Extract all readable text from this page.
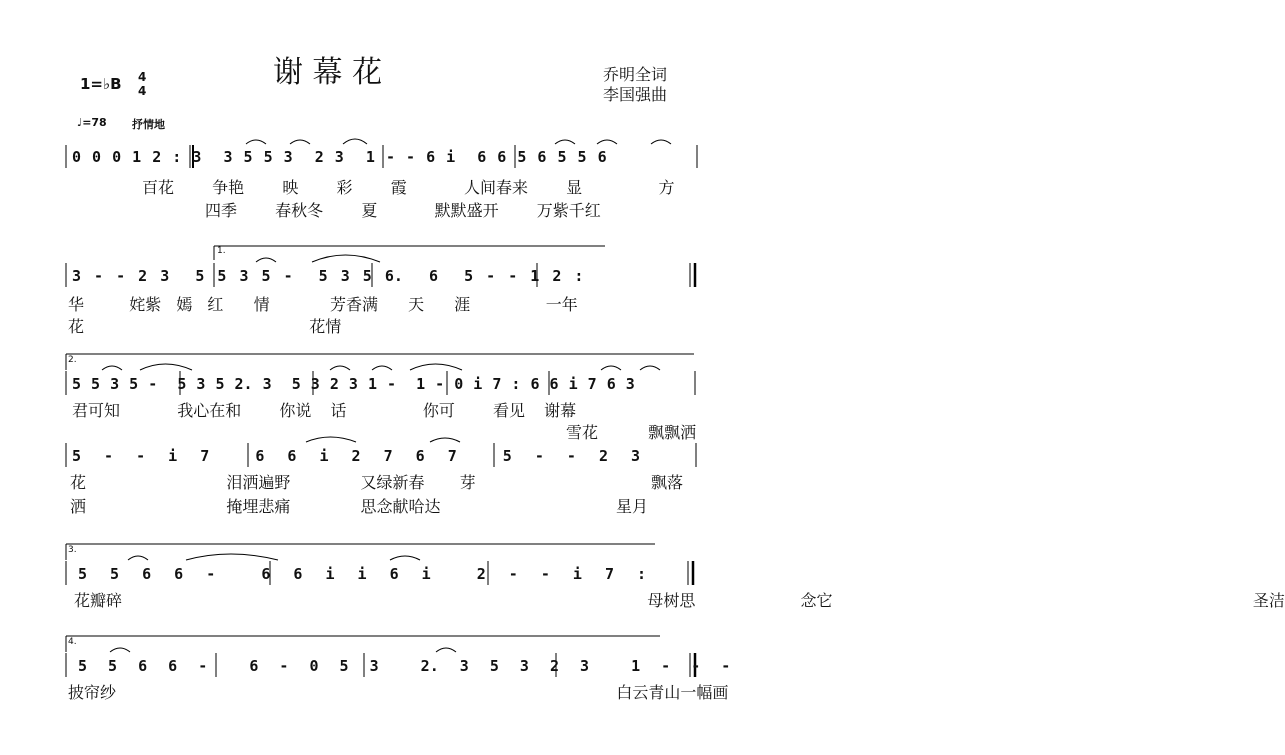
谢 幕 花	乔明全词
李国强曲
1=♭B 4
4
♩=78 抒情地
1.
2.
3.
4.
0 0 0 1 2 : 3  3 5 5 3  2 3  1 - - 6 i  6 6 5 6 5 5 6
百花  争艳  映  彩  霞   人间春来  显    方
四季  春秋冬  夏   默默盛开  万紫千红
3 - - 2 3  5 5 3 5 -  5 3 5 6.  6  5 - - 1 2 :
华   姹紫 嫣 红  情    芳香满  天  涯     一年
花   花情
5 5 3 5 -  5 3 5 2. 3  5 3 2 3 1 -  1 - 0 i 7 : 6 6 i 7 6 3
君可知   我心在和  你说 话    你可  看见 谢幕
雪花  飘飘洒
5 - - i 7  6 6 i 2 7 6 7  5 - - 2 3
花    泪洒遍野  又绿新春 芽     飘落
洒    掩埋悲痛  思念献哈达     星月
5 5 6 6 -  6 6 i i 6 i  2 - - i 7 :
花瓣碎     母树思 念它    圣洁
5 5 6 6 -  6 - 0 5 3  2. 3 5 3 2 3  1 - - -
披帘纱    白云青山一幅画
